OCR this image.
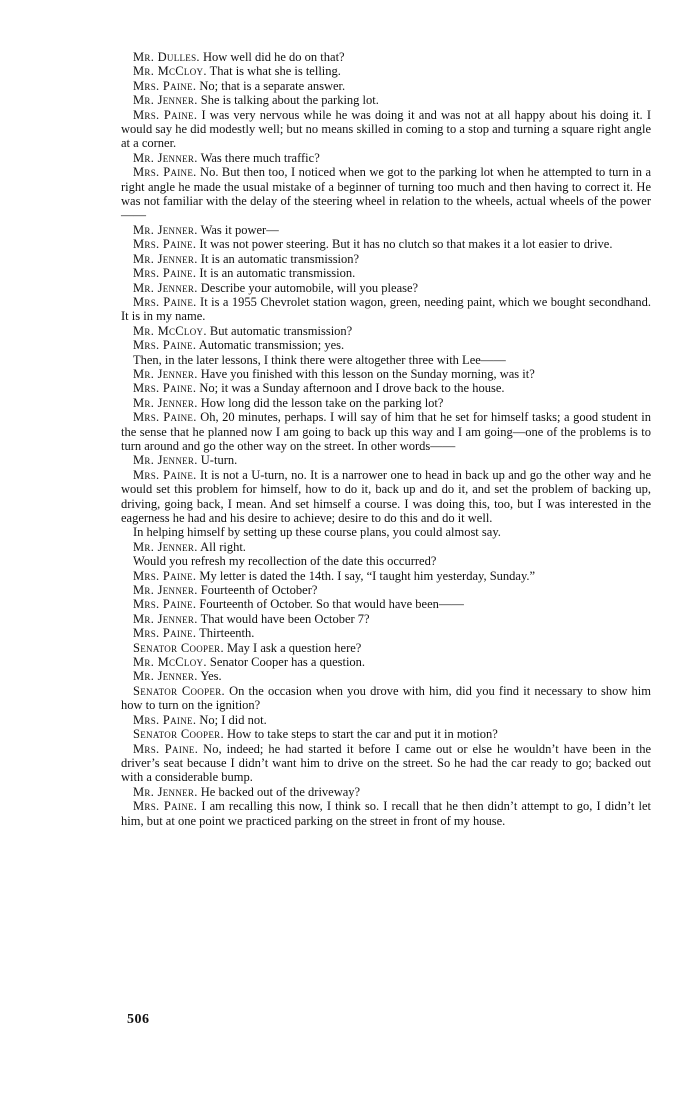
Mr. Dulles. How well did he do on that?

Mr. McCloy. That is what she is telling.

Mrs. Paine. No; that is a separate answer.

Mr. Jenner. She is talking about the parking lot.

Mrs. Paine. I was very nervous while he was doing it and was not at all happy about his doing it. I would say he did modestly well; but no means skilled in coming to a stop and turning a square right angle at a corner.

Mr. Jenner. Was there much traffic?

Mrs. Paine. No. But then too, I noticed when we got to the parking lot when he attempted to turn in a right angle he made the usual mistake of a beginner of turning too much and then having to correct it. He was not familiar with the delay of the steering wheel in relation to the wheels, actual wheels of the power——

Mr. Jenner. Was it power—

Mrs. Paine. It was not power steering. But it has no clutch so that makes it a lot easier to drive.

Mr. Jenner. It is an automatic transmission?

Mrs. Paine. It is an automatic transmission.

Mr. Jenner. Describe your automobile, will you please?

Mrs. Paine. It is a 1955 Chevrolet station wagon, green, needing paint, which we bought secondhand. It is in my name.

Mr. McCloy. But automatic transmission?

Mrs. Paine. Automatic transmission; yes.

Then, in the later lessons, I think there were altogether three with Lee——

Mr. Jenner. Have you finished with this lesson on the Sunday morning, was it?

Mrs. Paine. No; it was a Sunday afternoon and I drove back to the house.

Mr. Jenner. How long did the lesson take on the parking lot?

Mrs. Paine. Oh, 20 minutes, perhaps. I will say of him that he set for himself tasks; a good student in the sense that he planned now I am going to back up this way and I am going—one of the problems is to turn around and go the other way on the street. In other words——

Mr. Jenner. U-turn.

Mrs. Paine. It is not a U-turn, no. It is a narrower one to head in back up and go the other way and he would set this problem for himself, how to do it, back up and do it, and set the problem of backing up, driving, going back, I mean. And set himself a course. I was doing this, too, but I was interested in the eagerness he had and his desire to achieve; desire to do this and do it well.

In helping himself by setting up these course plans, you could almost say.

Mr. Jenner. All right.

Would you refresh my recollection of the date this occurred?

Mrs. Paine. My letter is dated the 14th. I say, “I taught him yesterday, Sunday.”

Mr. Jenner. Fourteenth of October?

Mrs. Paine. Fourteenth of October. So that would have been——

Mr. Jenner. That would have been October 7?

Mrs. Paine. Thirteenth.

Senator Cooper. May I ask a question here?

Mr. McCloy. Senator Cooper has a question.

Mr. Jenner. Yes.

Senator Cooper. On the occasion when you drove with him, did you find it necessary to show him how to turn on the ignition?

Mrs. Paine. No; I did not.

Senator Cooper. How to take steps to start the car and put it in motion?

Mrs. Paine. No, indeed; he had started it before I came out or else he wouldn’t have been in the driver’s seat because I didn’t want him to drive on the street. So he had the car ready to go; backed out with a considerable bump.

Mr. Jenner. He backed out of the driveway?

Mrs. Paine. I am recalling this now, I think so. I recall that he then didn’t attempt to go, I didn’t let him, but at one point we practiced parking on the street in front of my house.

506
